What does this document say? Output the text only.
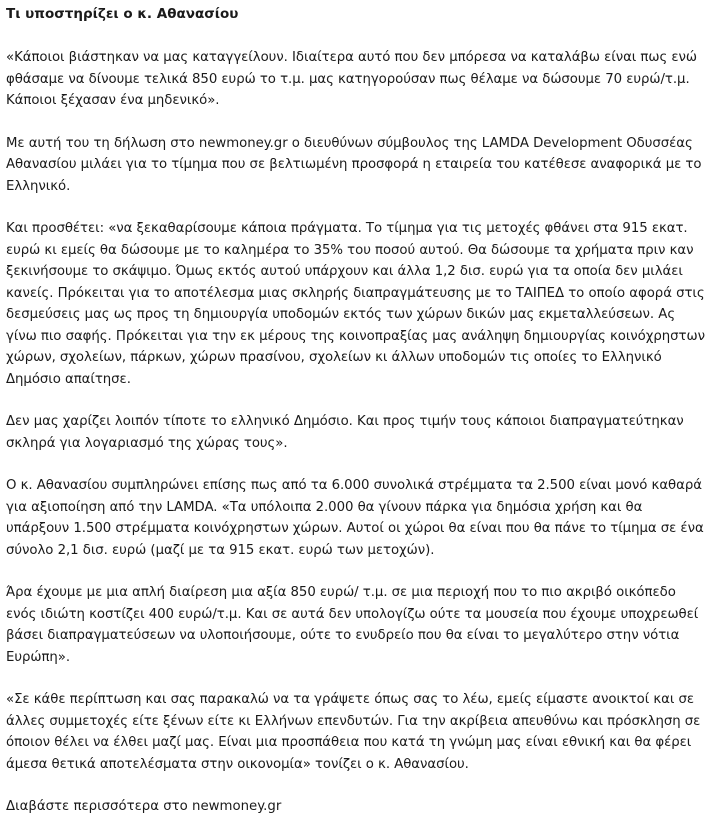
Τι υποστηρίζει ο κ. Αθανασίου

«Κάποιοι βιάστηκαν να μας καταγγείλουν. Ιδιαίτερα αυτό που δεν μπόρεσα να καταλάβω είναι πως ενώ φθάσαμε να δίνουμε τελικά 850 ευρώ το τ.μ. μας κατηγορούσαν πως θέλαμε να δώσουμε 70 ευρώ/τ.μ. Κάποιοι ξέχασαν ένα μηδενικό».

Με αυτή του τη δήλωση στο newmoney.gr ο διευθύνων σύμβουλος της LAMDA Development Οδυσσέας Αθανασίου μιλάει για το τίμημα που σε βελτιωμένη προσφορά η εταιρεία του κατέθεσε αναφορικά με το Ελληνικό.

Και προσθέτει: «να ξεκαθαρίσουμε κάποια πράγματα. Το τίμημα για τις μετοχές φθάνει στα 915 εκατ. ευρώ κι εμείς θα δώσουμε με το καλημέρα το 35% του ποσού αυτού. Θα δώσουμε τα χρήματα πριν καν ξεκινήσουμε το σκάψιμο. Όμως εκτός αυτού υπάρχουν και άλλα 1,2 δισ. ευρώ για τα οποία δεν μιλάει κανείς. Πρόκειται για το αποτέλεσμα μιας σκληρής διαπραγμάτευσης με το ΤΑΙΠΕΔ το οποίο αφορά στις δεσμεύσεις μας ως προς τη δημιουργία υποδομών εκτός των χώρων δικών μας εκμεταλλεύσεων. Ας γίνω πιο σαφής. Πρόκειται για την εκ μέρους της κοινοπραξίας μας ανάληψη δημιουργίας κοινόχρηστων χώρων, σχολείων, πάρκων, χώρων πρασίνου, σχολείων κι άλλων υποδομών τις οποίες το Ελληνικό Δημόσιο απαίτησε.

Δεν μας χαρίζει λοιπόν τίποτε το ελληνικό Δημόσιο. Και προς τιμήν τους κάποιοι διαπραγματεύτηκαν σκληρά για λογαριασμό της χώρας τους».

Ο κ. Αθανασίου συμπληρώνει επίσης πως από τα 6.000 συνολικά στρέμματα τα 2.500 είναι μονό καθαρά για αξιοποίηση από την LAMDA. «Τα υπόλοιπα 2.000 θα γίνουν πάρκα για δημόσια χρήση και θα υπάρξουν 1.500 στρέμματα κοινόχρηστων χώρων. Αυτοί οι χώροι θα είναι που θα πάνε το τίμημα σε ένα σύνολο 2,1 δισ. ευρώ (μαζί με τα 915 εκατ. ευρώ των μετοχών).

Άρα έχουμε με μια απλή διαίρεση μια αξία 850 ευρώ/ τ.μ. σε μια περιοχή που το πιο ακριβό οικόπεδο ενός ιδιώτη κοστίζει 400 ευρώ/τ.μ. Και σε αυτά δεν υπολογίζω ούτε τα μουσεία που έχουμε υποχρεωθεί βάσει διαπραγματεύσεων να υλοποιήσουμε, ούτε το ενυδρείο που θα είναι το μεγαλύτερο στην νότια Ευρώπη».

«Σε κάθε περίπτωση και σας παρακαλώ να τα γράψετε όπως σας το λέω, εμείς είμαστε ανοικτοί και σε άλλες συμμετοχές είτε ξένων είτε κι Ελλήνων επενδυτών. Για την ακρίβεια απευθύνω και πρόσκληση σε όποιον θέλει να έλθει μαζί μας. Είναι μια προσπάθεια που κατά τη γνώμη μας είναι εθνική και θα φέρει άμεσα θετικά αποτελέσματα στην οικονομία» τονίζει ο κ. Αθανασίου.

Διαβάστε περισσότερα στο newmoney.gr
